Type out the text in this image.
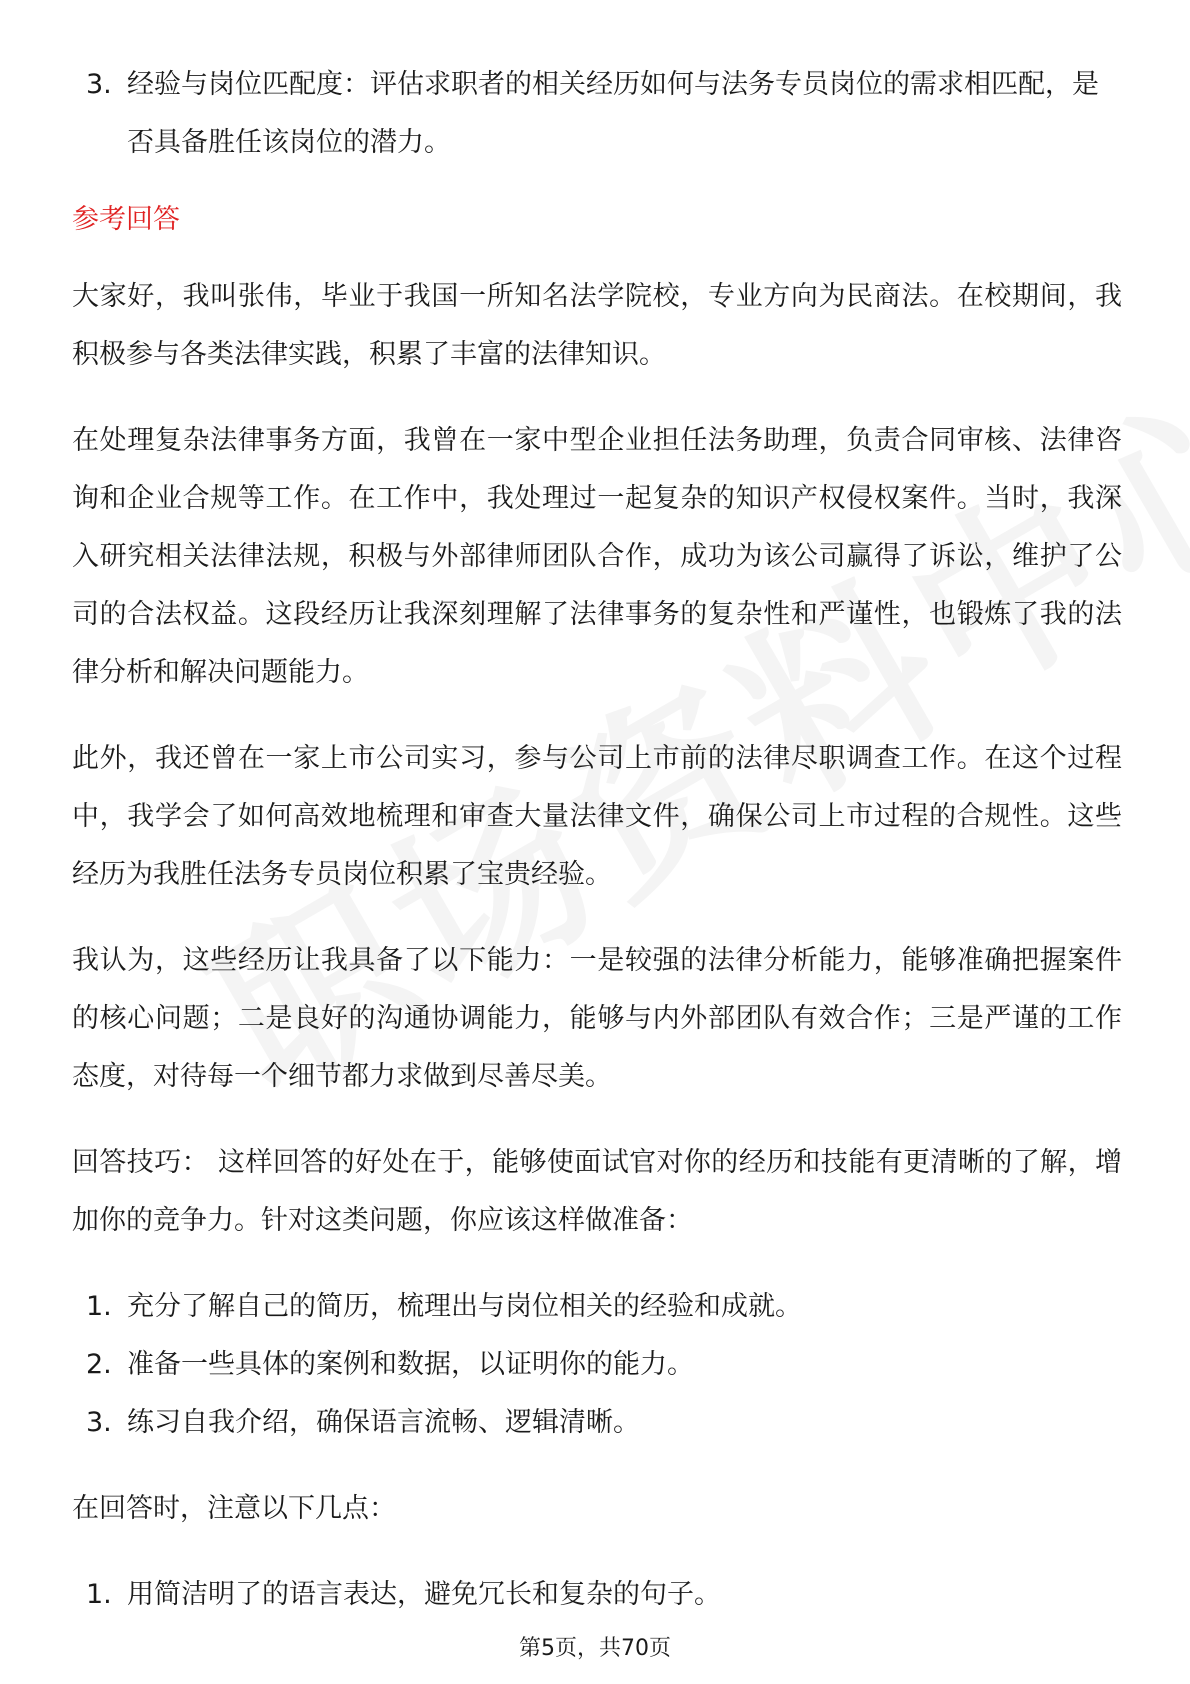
3. 经验与岗位匹配度：评估求职者的相关经历如何与法务专员岗位的需求相匹配，是否具备胜任该岗位的潜力。
参考回答

大家好，我叫张伟，毕业于我国一所知名法学院校，专业方向为民商法。在校期间，我积极参与各类法律实践，积累了丰富的法律知识。

在处理复杂法律事务方面，我曾在一家中型企业担任法务助理，负责合同审核、法律咨询和企业合规等工作。在工作中，我处理过一起复杂的知识产权侵权案件。当时，我深入研究相关法律法规，积极与外部律师团队合作，成功为该公司赢得了诉讼，维护了公司的合法权益。这段经历让我深刻理解了法律事务的复杂性和严谨性，也锻炼了我的法律分析和解决问题能力。

此外，我还曾在一家上市公司实习，参与公司上市前的法律尽职调查工作。在这个过程中，我学会了如何高效地梳理和审查大量法律文件，确保公司上市过程的合规性。这些经历为我胜任法务专员岗位积累了宝贵经验。

我认为，这些经历让我具备了以下能力：一是较强的法律分析能力，能够准确把握案件的核心问题；二是良好的沟通协调能力，能够与内外部团队有效合作；三是严谨的工作态度，对待每一个细节都力求做到尽善尽美。

回答技巧： 这样回答的好处在于，能够使面试官对你的经历和技能有更清晰的了解，增加你的竞争力。针对这类问题，你应该这样做准备：

1. 充分了解自己的简历，梳理出与岗位相关的经验和成就。
2. 准备一些具体的案例和数据，以证明你的能力。
3. 练习自我介绍，确保语言流畅、逻辑清晰。

在回答时，注意以下几点：

1. 用简洁明了的语言表达，避免冗长和复杂的句子。
第5页，共70页
